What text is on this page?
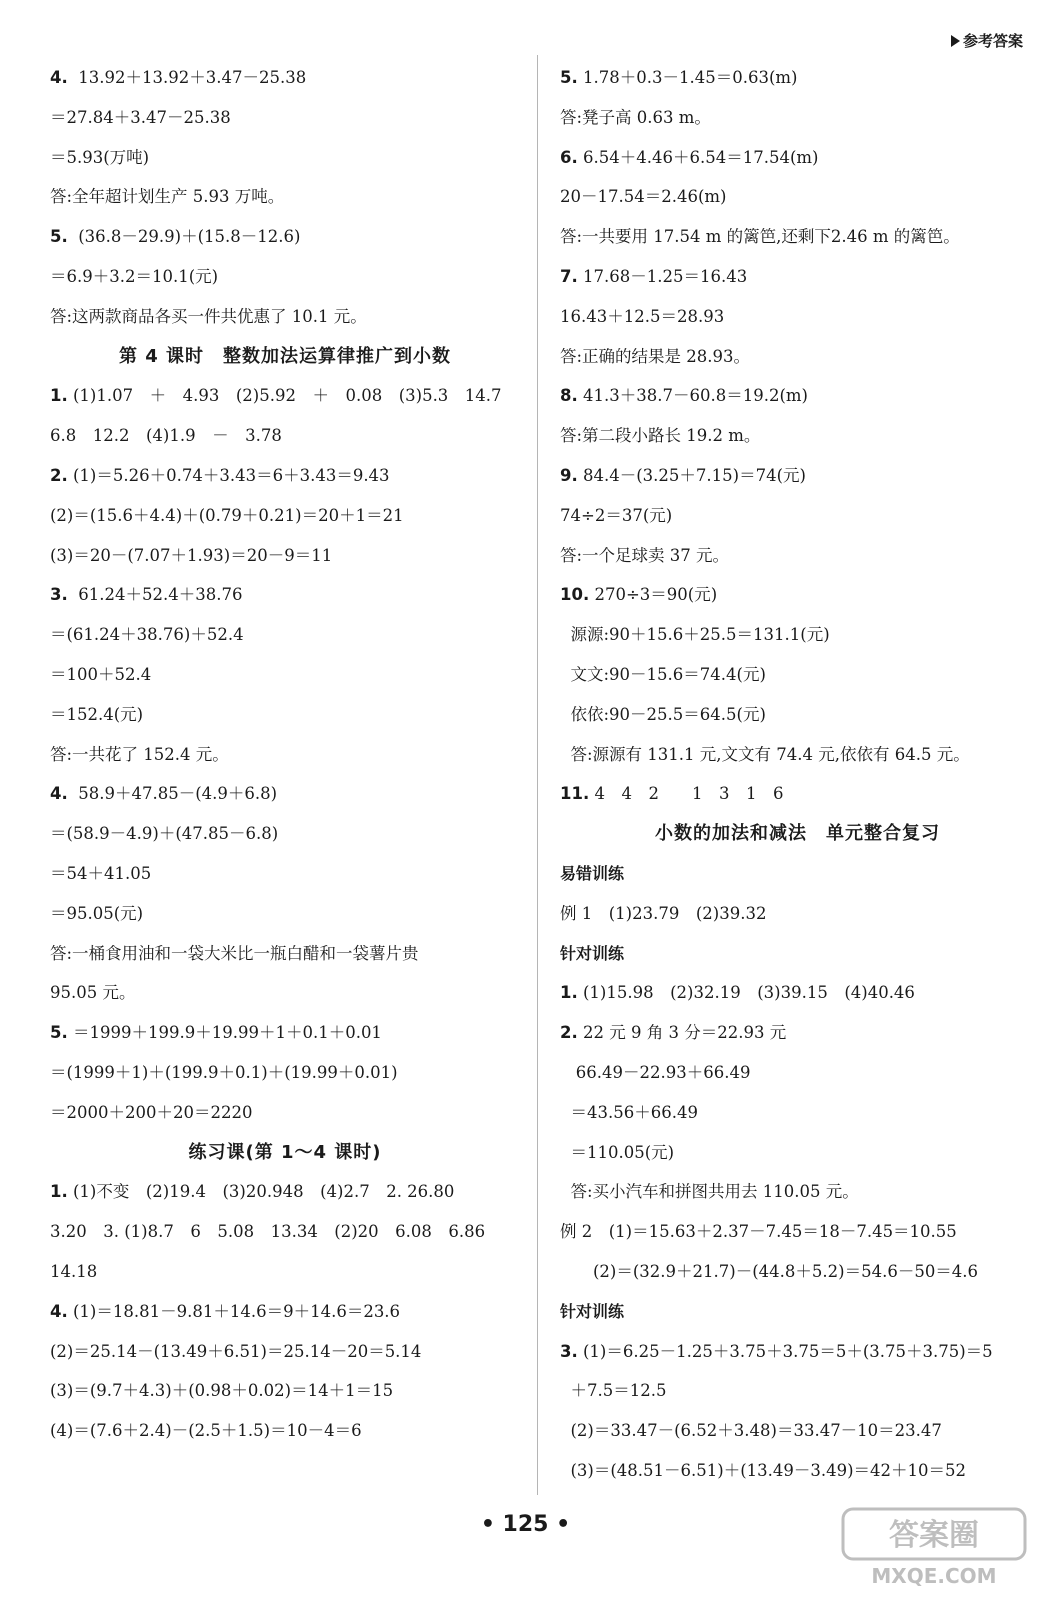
参考答案
4.  13.92＋13.92＋3.47－25.38
＝27.84＋3.47－25.38
＝5.93(万吨)
答:全年超计划生产 5.93 万吨。
5.  (36.8－29.9)＋(15.8－12.6)
＝6.9＋3.2＝10.1(元)
答:这两款商品各买一件共优惠了 10.1 元。
第 4 课时　整数加法运算律推广到小数
1. (1)1.07　＋　4.93　(2)5.92　＋　0.08　(3)5.3　14.7
6.8　12.2　(4)1.9　－　3.78
2. (1)＝5.26＋0.74＋3.43＝6＋3.43＝9.43
(2)＝(15.6＋4.4)＋(0.79＋0.21)＝20＋1＝21
(3)＝20－(7.07＋1.93)＝20－9＝11
3.  61.24＋52.4＋38.76
＝(61.24＋38.76)＋52.4
＝100＋52.4
＝152.4(元)
答:一共花了 152.4 元。
4.  58.9＋47.85－(4.9＋6.8)
＝(58.9－4.9)＋(47.85－6.8)
＝54＋41.05
＝95.05(元)
答:一桶食用油和一袋大米比一瓶白醋和一袋薯片贵
95.05 元。
5. ＝1999＋199.9＋19.99＋1＋0.1＋0.01
＝(1999＋1)＋(199.9＋0.1)＋(19.99＋0.01)
＝2000＋200＋20＝2220
练习课(第 1～4 课时)
1. (1)不变　(2)19.4　(3)20.948　(4)2.7　2. 26.80
3.20　3. (1)8.7　6　5.08　13.34　(2)20　6.08　6.86
14.18
4. (1)＝18.81－9.81＋14.6＝9＋14.6＝23.6
(2)＝25.14－(13.49＋6.51)＝25.14－20＝5.14
(3)＝(9.7＋4.3)＋(0.98＋0.02)＝14＋1＝15
(4)＝(7.6＋2.4)－(2.5＋1.5)＝10－4＝6
5. 1.78＋0.3－1.45＝0.63(m)
答:凳子高 0.63 m。
6. 6.54＋4.46＋6.54＝17.54(m)
20－17.54＝2.46(m)
答:一共要用 17.54 m 的篱笆,还剩下2.46 m 的篱笆。
7. 17.68－1.25＝16.43
16.43＋12.5＝28.93
答:正确的结果是 28.93。
8. 41.3＋38.7－60.8＝19.2(m)
答:第二段小路长 19.2 m。
9. 84.4－(3.25＋7.15)＝74(元)
74÷2＝37(元)
答:一个足球卖 37 元。
10. 270÷3＝90(元)
源源:90＋15.6＋25.5＝131.1(元)
文文:90－15.6＝74.4(元)
依依:90－25.5＝64.5(元)
答:源源有 131.1 元,文文有 74.4 元,依依有 64.5 元。
11. 4　4　2　　1　3　1　6
小数的加法和减法　单元整合复习
易错训练
例 1　(1)23.79　(2)39.32
针对训练
1. (1)15.98　(2)32.19　(3)39.15　(4)40.46
2. 22 元 9 角 3 分＝22.93 元
66.49－22.93＋66.49
＝43.56＋66.49
＝110.05(元)
答:买小汽车和拼图共用去 110.05 元。
例 2　(1)＝15.63＋2.37－7.45＝18－7.45＝10.55
　　(2)＝(32.9＋21.7)－(44.8＋5.2)＝54.6－50＝4.6
针对训练
3. (1)＝6.25－1.25＋3.75＋3.75＝5＋(3.75＋3.75)＝5
＋7.5＝12.5
(2)＝33.47－(6.52＋3.48)＝33.47－10＝23.47
(3)＝(48.51－6.51)＋(13.49－3.49)＝42＋10＝52
• 125 •	答案圈
MXQE.COM
